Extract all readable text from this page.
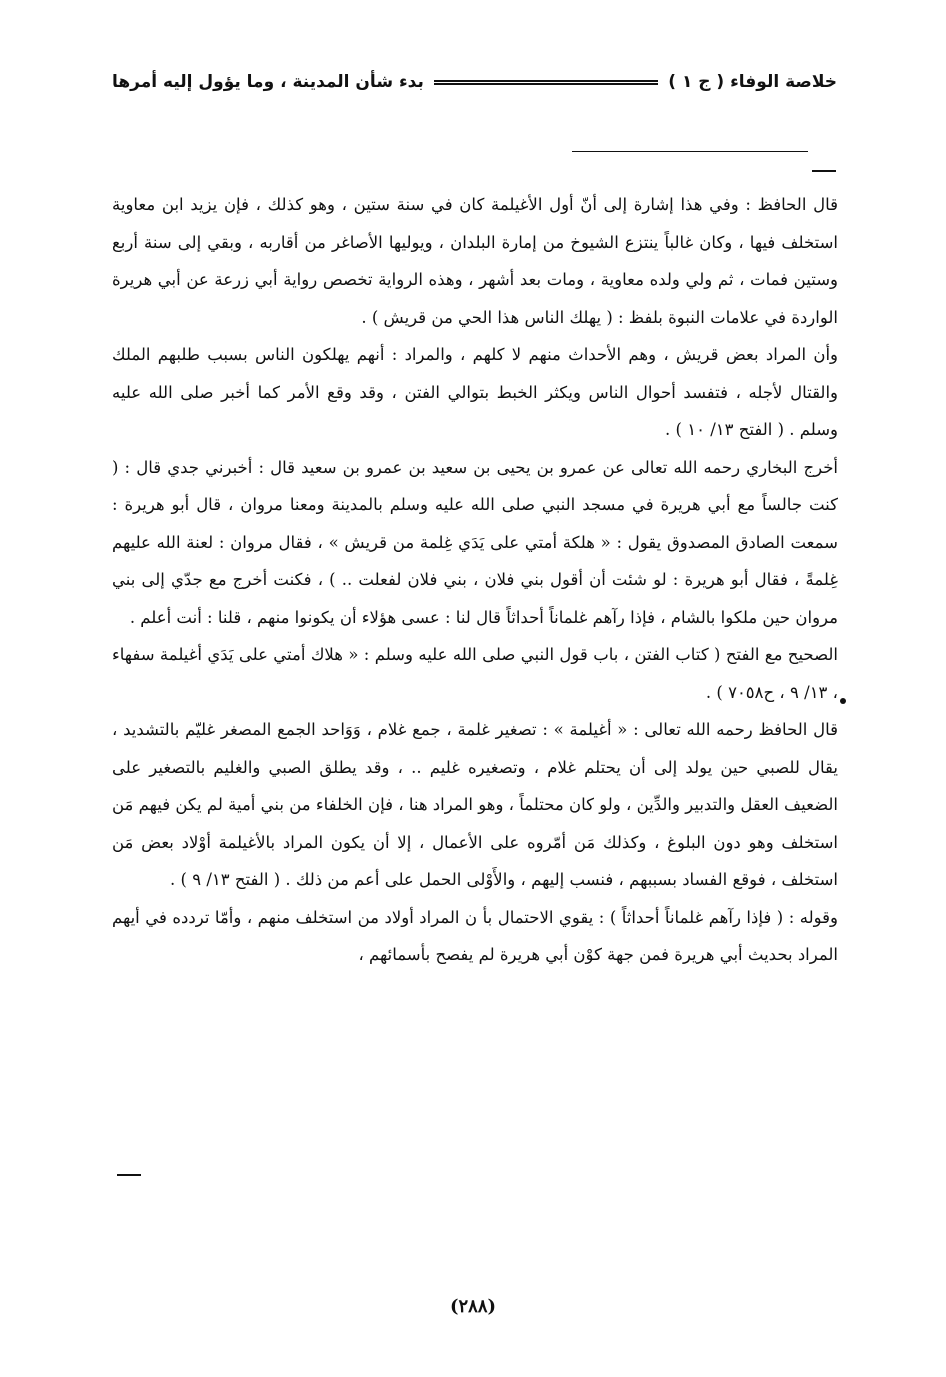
خلاصة الوفاء ( ج ١ )
بدء شأن المدينة ، وما يؤول إليه أمرها

قال الحافظ : وفي هذا إشارة إلى أنّ أول الأغيلمة كان في سنة ستين ، وهو كذلك ، فإن يزيد ابن معاوية استخلف فيها ، وكان غالباً ينتزع الشيوخ من إمارة البلدان ، ويوليها الأصاغر من أقاربه ، وبقي إلى سنة أربع وستين فمات ، ثم ولي ولده معاوية ، ومات بعد أشهر ، وهذه الرواية تخصص رواية أبي زرعة عن أبي هريرة الواردة في علامات النبوة بلفظ : ( يهلك الناس هذا الحي من قريش ) .

وأن المراد بعض قريش ، وهم الأحداث منهم لا كلهم ، والمراد : أنهم يهلكون الناس بسبب طلبهم الملك والقتال لأجله ، فتفسد أحوال الناس ويكثر الخبط بتوالي الفتن ، وقد وقع الأمر كما أخبر صلى الله عليه وسلم . ( الفتح ١٣/ ١٠ ) .

أخرج البخاري رحمه الله تعالى عن عمرو بن يحيى بن سعيد بن عمرو بن سعيد قال : أخبرني جدي قال : ( كنت جالساً مع أبي هريرة في مسجد النبي صلى الله عليه وسلم بالمدينة ومعنا مروان ، قال أبو هريرة : سمعت الصادق المصدوق يقول : « هلكة أمتي على يَدَي غِلمة من قريش » ، فقال مروان : لعنة الله عليهم غِلمةً ، فقال أبو هريرة : لو شئت أن أقول بني فلان ، بني فلان لفعلت .. ) ، فكنت أخرج مع جدّي إلى بني مروان حين ملكوا بالشام ، فإذا رآهم غلماناً أحداثاً قال لنا : عسى هؤلاء أن يكونوا منهم ، قلنا : أنت أعلم .

الصحيح مع الفتح ( كتاب الفتن ، باب قول النبي صلى الله عليه وسلم : « هلاك أمتي على يَدَي أغيلمة سفهاء ، ١٣/ ٩ ، ح٧٠٥٨ ) .

قال الحافظ رحمه الله تعالى : « أغيلمة » : تصغير غلمة ، جمع غلام ، وَوَاحد الجمع المصغر غليّم بالتشديد ، يقال للصبي حين يولد إلى أن يحتلم غلام ، وتصغيره غليم .. ، وقد يطلق الصبي والغليم بالتصغير على الضعيف العقل والتدبير والدِّين ، ولو كان محتلماً ، وهو المراد هنا ، فإن الخلفاء من بني أمية لم يكن فيهم مَن استخلف وهو دون البلوغ ، وكذلك مَن أمّروه على الأعمال ، إلا أن يكون المراد بالأغيلمة أوْلاد بعض مَن استخلف ، فوقع الفساد بسببهم ، فنسب إليهم ، والأَوْلى الحمل على أعم من ذلك . ( الفتح ١٣/ ٩ ) .

وقوله : ( فإذا رآهم غلماناً أحداثاً ) : يقوي الاحتمال بأ ن المراد أولاد من استخلف منهم ، وأمّا تردده في أيهم المراد بحديث أبي هريرة فمن جهة كوْن أبي هريرة لم يفصح بأسمائهم ،

(٢٨٨)
